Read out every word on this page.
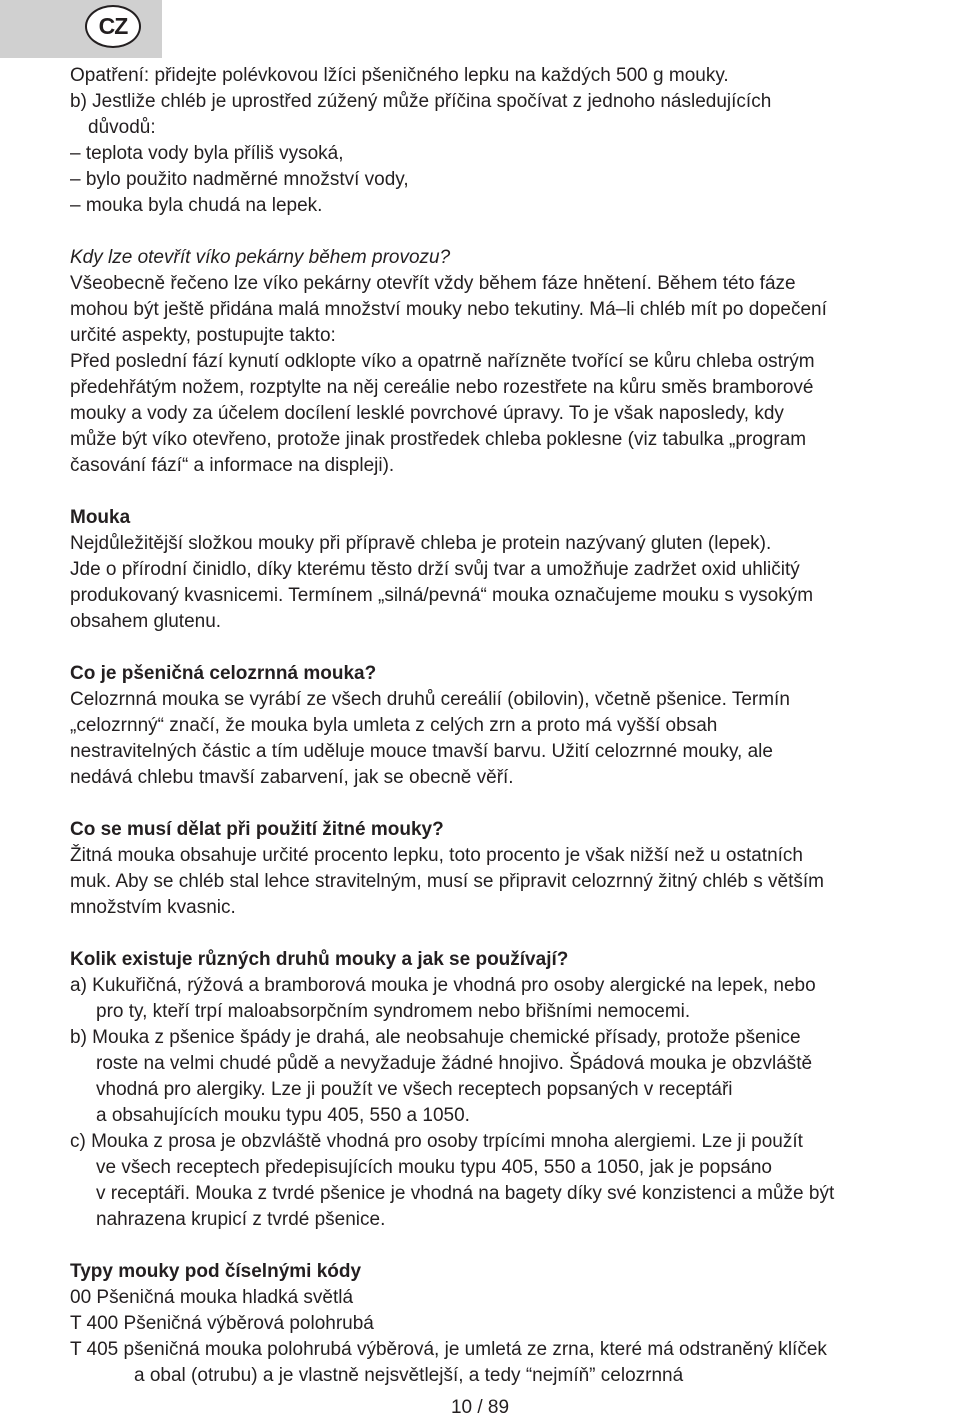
CZ
Opatření: přidejte polévkovou lžíci pšeničného lepku na každých 500 g mouky.
b) Jestliže chléb je uprostřed zúžený může příčina spočívat z jednoho následujících
důvodů:
– teplota vody byla příliš vysoká,
– bylo použito nadměrné množství vody,
– mouka byla chudá na lepek.
Kdy lze otevřít víko pekárny během provozu?
Všeobecně řečeno lze víko pekárny otevřít vždy během fáze hnětení. Během této fáze
mohou být ještě přidána malá množství mouky nebo tekutiny. Má–li chléb mít po dopečení
určité aspekty, postupujte takto:
Před poslední fází kynutí odklopte víko a opatrně nařízněte tvořící se kůru chleba ostrým
předehřátým nožem, rozptylte na něj cereálie nebo rozestřete na kůru směs bramborové
mouky a vody za účelem docílení lesklé povrchové úpravy. To je však naposledy, kdy
může být víko otevřeno, protože jinak prostředek chleba poklesne (viz tabulka „program
časování fází“ a informace na displeji).
Mouka
Nejdůležitější složkou mouky při přípravě chleba je protein nazývaný gluten (lepek).
Jde o přírodní činidlo, díky kterému těsto drží svůj tvar a umožňuje zadržet oxid uhličitý
produkovaný kvasnicemi. Termínem „silná/pevná“ mouka označujeme mouku s vysokým
obsahem glutenu.
Co je pšeničná celozrnná mouka?
Celozrnná mouka se vyrábí ze všech druhů cereálií (obilovin), včetně pšenice. Termín
„celozrnný“ značí, že mouka byla umleta z celých zrn a proto má vyšší obsah
nestravitelných částic a tím uděluje mouce tmavší barvu. Užití celozrnné mouky, ale
nedává chlebu tmavší zabarvení, jak se obecně věří.
Co se musí dělat při použití žitné mouky?
Žitná mouka obsahuje určité procento lepku, toto procento je však nižší než u ostatních
muk. Aby se chléb stal lehce stravitelným, musí se připravit celozrnný žitný chléb s větším
množstvím kvasnic.
Kolik existuje různých druhů mouky a jak se používají?
a) Kukuřičná, rýžová a bramborová mouka je vhodná pro osoby alergické na lepek, nebo
pro ty, kteří trpí maloabsorpčním syndromem nebo břišními nemocemi.
b) Mouka z pšenice špády je drahá, ale neobsahuje chemické přísady, protože pšenice
roste na velmi chudé půdě a nevyžaduje žádné hnojivo. Špádová mouka je obzvláště
vhodná pro alergiky. Lze ji použít ve všech receptech popsaných v receptáři
a obsahujících mouku typu 405, 550 a 1050.
c) Mouka z prosa je obzvláště vhodná pro osoby trpícími mnoha alergiemi. Lze ji použít
ve všech receptech předepisujících mouku typu 405, 550 a 1050, jak je popsáno
v receptáři. Mouka z tvrdé pšenice je vhodná na bagety díky své konzistenci a může být
nahrazena krupicí z tvrdé pšenice.
Typy mouky pod číselnými kódy
00 Pšeničná mouka hladká světlá
T 400 Pšeničná výběrová polohrubá
T 405 pšeničná mouka polohrubá výběrová, je umletá ze zrna, které má odstraněný klíček
a obal (otrubu) a je vlastně nejsvětlejší, a tedy “nejmíň” celozrnná
10 / 89
